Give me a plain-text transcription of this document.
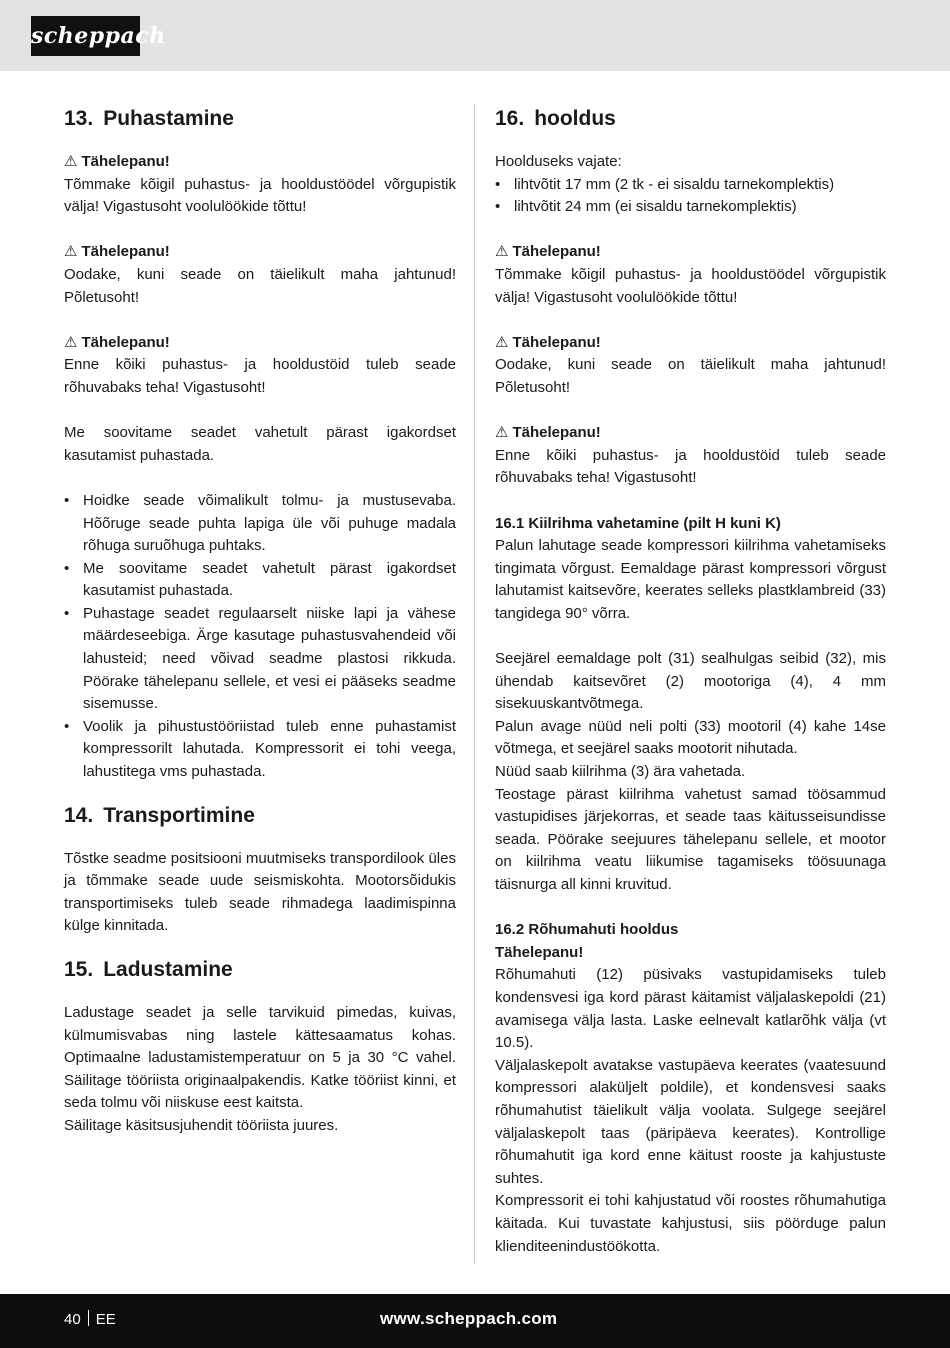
scheppach
13. Puhastamine

⚠ Tähelepanu!

Tõmmake kõigil puhastus- ja hooldustöödel võrgupistik välja! Vigastusoht voolulöökide tõttu!

⚠ Tähelepanu!

Oodake, kuni seade on täielikult maha jahtunud! Põletusoht!

⚠ Tähelepanu!

Enne kõiki puhastus- ja hooldustöid tuleb seade rõhuvabaks teha! Vigastusoht!

Me soovitame seadet vahetult pärast igakordset kasutamist puhastada.

• Hoidke seade võimalikult tolmu- ja mustusevaba. Hõõruge seade puhta lapiga üle või puhuge madala rõhuga suruõhuga puhtaks.
• Me soovitame seadet vahetult pärast igakordset kasutamist puhastada.
• Puhastage seadet regulaarselt niiske lapi ja vähese määrdeseebiga. Ärge kasutage puhastusvahendeid või lahusteid; need võivad seadme plastosi rikkuda. Pöörake tähelepanu sellele, et vesi ei pääseks seadme sisemusse.
• Voolik ja pihustustööriistad tuleb enne puhastamist kompressorilt lahutada. Kompressorit ei tohi veega, lahustitega vms puhastada.
14. Transportimine

Tõstke seadme positsiooni muutmiseks transpordilook üles ja tõmmake seade uude seismiskohta. Mootorsõidukis transportimiseks tuleb seade rihmadega laadimispinna külge kinnitada.

15. Ladustamine

Ladustage seadet ja selle tarvikuid pimedas, kuivas, külmumisvabas ning lastele kättesaamatus kohas. Optimaalne ladustamistemperatuur on 5 ja 30 °C vahel. Säilitage tööriista originaalpakendis. Katke tööriist kinni, et seda tolmu või niiskuse eest kaitsta.

Säilitage käsitsusjuhendit tööriista juures.

16. hooldus

Hoolduseks vajate:

• lihtvõtit 17 mm (2 tk - ei sisaldu tarnekomplektis)
• lihtvõtit 24 mm (ei sisaldu tarnekomplektis)

⚠ Tähelepanu!

Tõmmake kõigil puhastus- ja hooldustöödel võrgupistik välja! Vigastusoht voolulöökide tõttu!

⚠ Tähelepanu!

Oodake, kuni seade on täielikult maha jahtunud! Põletusoht!

⚠ Tähelepanu!

Enne kõiki puhastus- ja hooldustöid tuleb seade rõhuvabaks teha! Vigastusoht!

16.1 Kiilrihma vahetamine (pilt H kuni K)

Palun lahutage seade kompressori kiilrihma vahetamiseks tingimata võrgust. Eemaldage pärast kompressori võrgust lahutamist kaitsevõre, keerates selleks plastklambreid (33) tangidega 90° võrra.

Seejärel eemaldage polt (31) sealhulgas seibid (32), mis ühendab kaitsevõret (2) mootoriga (4), 4 mm sisekuuskantvõtmega.

Palun avage nüüd neli polti (33) mootoril (4) kahe 14se võtmega, et seejärel saaks mootorit nihutada.

Nüüd saab kiilrihma (3) ära vahetada.

Teostage pärast kiilrihma vahetust samad töösammud vastupidises järjekorras, et seade taas käitusseisundisse seada. Pöörake seejuures tähelepanu sellele, et mootor on kiilrihma veatu liikumise tagamiseks töösuunaga täisnurga all kinni kruvitud.

16.2 Rõhumahuti hooldus

Tähelepanu!

Rõhumahuti (12) püsivaks vastupidamiseks tuleb kondensvesi iga kord pärast käitamist väljalaskepoldi (21) avamisega välja lasta. Laske eelnevalt katlarõhk välja (vt 10.5).

Väljalaskepolt avatakse vastupäeva keerates (vaatesuund kompressori alaküljelt poldile), et kondensvesi saaks rõhumahutist täielikult välja voolata. Sulgege seejärel väljalaskepolt taas (päripäeva keerates). Kontrollige rõhumahutit iga kord enne käitust rooste ja kahjustuste suhtes.

Kompressorit ei tohi kahjustatud või roostes rõhumahutiga käitada. Kui tuvastate kahjustusi, siis pöörduge palun klienditeenindustöökotta.

40 EE	www.scheppach.com
